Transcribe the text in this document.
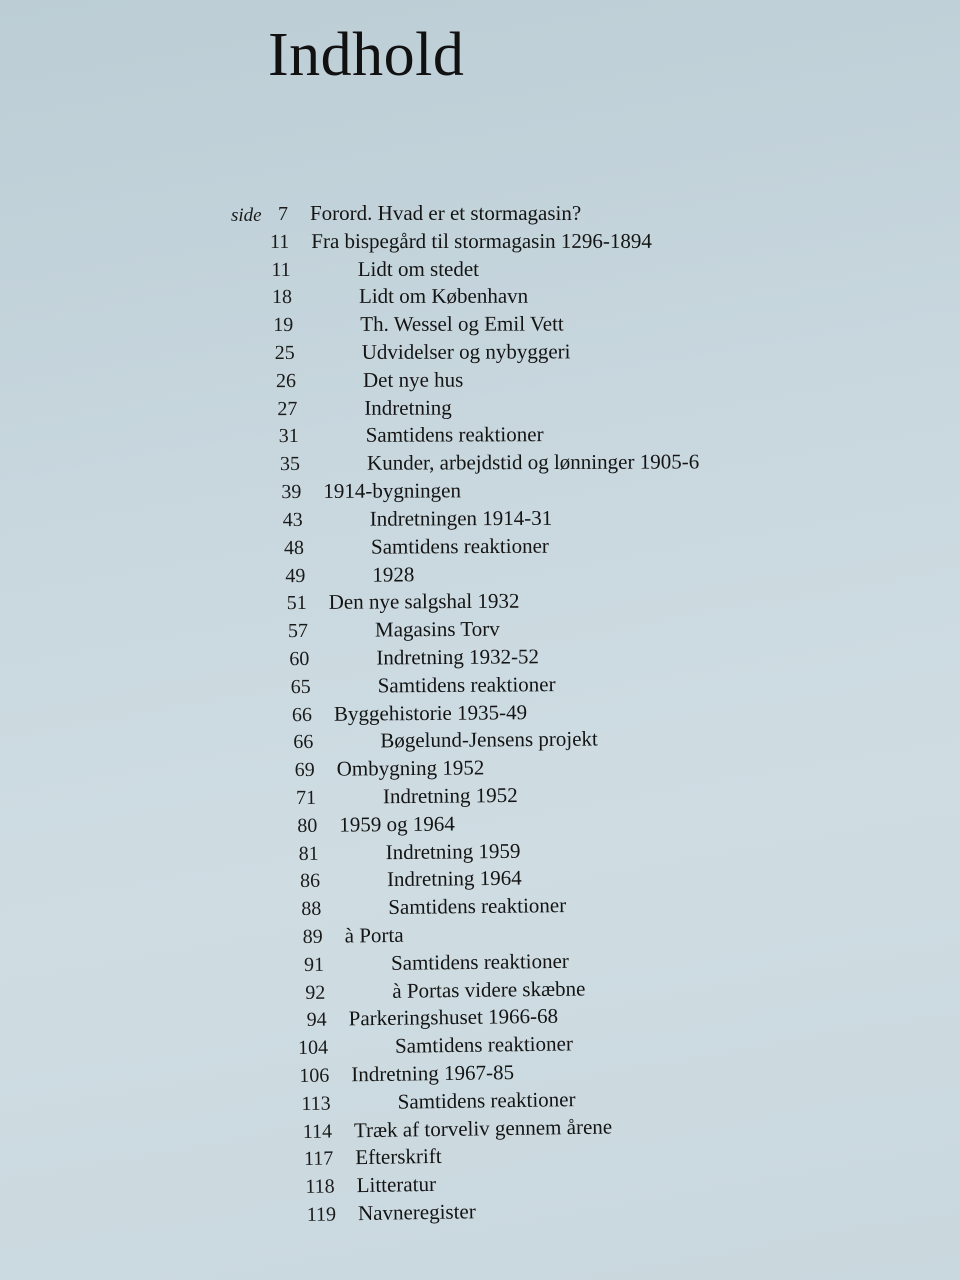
Indhold
side 7 Forord. Hvad er et stormagasin?
11 Fra bispegård til stormagasin 1296-1894
11	Lidt om stedet
18	Lidt om København
19	Th. Wessel og Emil Vett
25	Udvidelser og nybyggeri
26	Det nye hus
27	Indretning
31	Samtidens reaktioner
35	Kunder, arbejdstid og lønninger 1905-6
39 1914-bygningen
43	Indretningen 1914-31
48	Samtidens reaktioner
49	1928
51 Den nye salgshal 1932
57	Magasins Torv
60	Indretning 1932-52
65	Samtidens reaktioner
66 Byggehistorie 1935-49
66	Bøgelund-Jensens projekt
69 Ombygning 1952
71	Indretning 1952
80 1959 og 1964
81	Indretning 1959
86	Indretning 1964
88	Samtidens reaktioner
89 à Porta
91	Samtidens reaktioner
92	à Portas videre skæbne
94 Parkeringshuset 1966-68
104	Samtidens reaktioner
106 Indretning 1967-85
113	Samtidens reaktioner
114 Træk af torveliv gennem årene
117 Efterskrift
118 Litteratur
119 Navneregister
